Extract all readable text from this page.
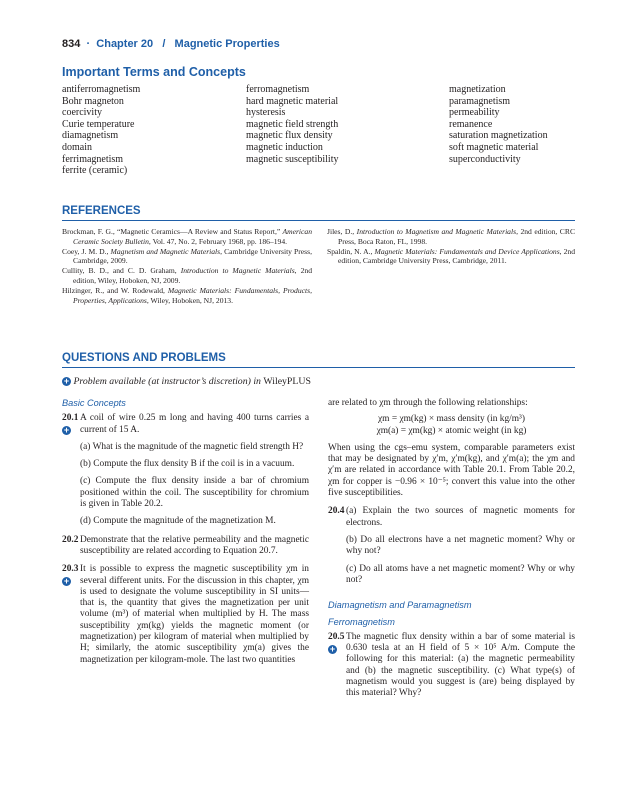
834 · Chapter 20 / Magnetic Properties
Important Terms and Concepts
antiferromagnetism
Bohr magneton
coercivity
Curie temperature
diamagnetism
domain
ferrimagnetism
ferrite (ceramic)
ferromagnetism
hard magnetic material
hysteresis
magnetic field strength
magnetic flux density
magnetic induction
magnetic susceptibility
magnetization
paramagnetism
permeability
remanence
saturation magnetization
soft magnetic material
superconductivity
REFERENCES

Brockman, F. G., “Magnetic Ceramics—A Review and Status Report,” American Ceramic Society Bulletin, Vol. 47, No. 2, February 1968, pp. 186–194.

Coey, J. M. D., Magnetism and Magnetic Materials, Cambridge University Press, Cambridge, 2009.

Cullity, B. D., and C. D. Graham, Introduction to Magnetic Materials, 2nd edition, Wiley, Hoboken, NJ, 2009.

Hilzinger, R., and W. Rodewald, Magnetic Materials: Fundamentals, Products, Properties, Applications, Wiley, Hoboken, NJ, 2013.

Jiles, D., Introduction to Magnetism and Magnetic Materials, 2nd edition, CRC Press, Boca Raton, FL, 1998.

Spaldin, N. A., Magnetic Materials: Fundamentals and Device Applications, 2nd edition, Cambridge University Press, Cambridge, 2011.

QUESTIONS AND PROBLEMS
+ Problem available (at instructor’s discretion) in WileyPLUS

Basic Concepts

20.1
+

A coil of wire 0.25 m long and having 400 turns carries a current of 15 A.

(a) What is the magnitude of the magnetic field strength H?

(b) Compute the flux density B if the coil is in a vacuum.

(c) Compute the flux density inside a bar of chromium positioned within the coil. The susceptibility for chromium is given in Table 20.2.

(d) Compute the magnitude of the magnetization M.

20.2 Demonstrate that the relative permeability and the magnetic susceptibility are related according to Equation 20.7.

20.3
+

It is possible to express the magnetic susceptibility χm in several different units. For the discussion in this chapter, χm is used to designate the volume susceptibility in SI units—that is, the quantity that gives the magnetization per unit volume (m³) of material when multiplied by H. The mass susceptibility χm(kg) yields the magnetic moment (or magnetization) per kilogram of material when multiplied by H; similarly, the atomic susceptibility χm(a) gives the magnetization per kilogram-mole. The last two quantities

are related to χm through the following relationships:

χm = χm(kg) × mass density (in kg/m³)

χm(a) = χm(kg) × atomic weight (in kg)

When using the cgs–emu system, comparable parameters exist that may be designated by χ′m, χ′m(kg), and χ′m(a); the χm and χ′m are related in accordance with Table 20.1. From Table 20.2, χm for copper is −0.96 × 10⁻⁵; convert this value into the other five susceptibilities.

20.4 (a) Explain the two sources of magnetic moments for electrons.

(b) Do all electrons have a net magnetic moment? Why or why not?

(c) Do all atoms have a net magnetic moment? Why or why not?

Diamagnetism and Paramagnetism

Ferromagnetism

20.5
+

The magnetic flux density within a bar of some material is 0.630 tesla at an H field of 5 × 10⁵ A/m. Compute the following for this material: (a) the magnetic permeability and (b) the magnetic susceptibility. (c) What type(s) of magnetism would you suggest is (are) being displayed by this material? Why?
